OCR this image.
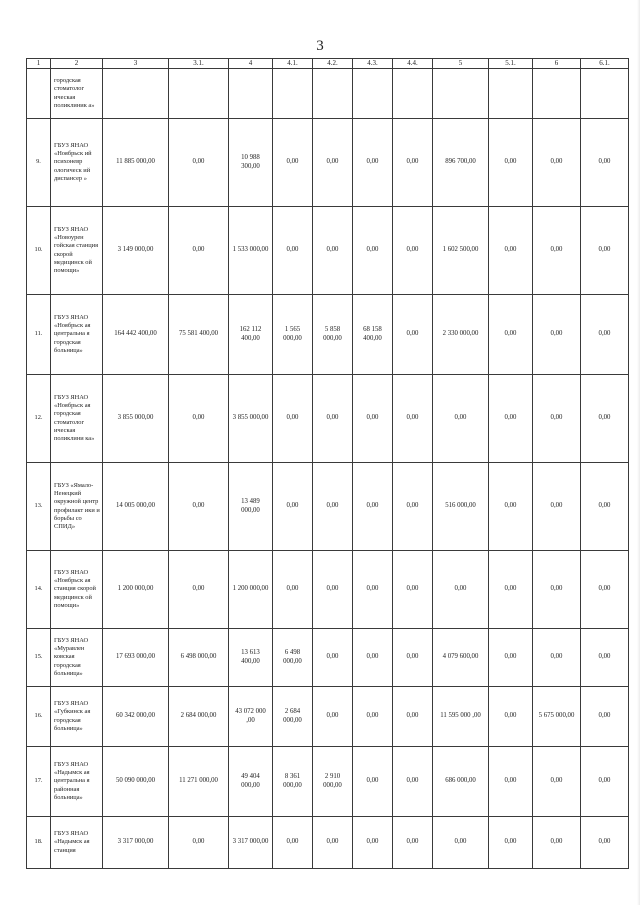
3
1	2	3	3.1.	4	4.1.	4.2.	4.3.	4.4.	5	5.1.	6	6.1.
	городская стоматолог ическая поликлиник а»											
9.	ГБУЗ ЯНАО «Ноябрьск ий психоневр ологическ ий диспансер »	11 885 000,00	0,00	10 988 300,00	0,00	0,00	0,00	0,00	896 700,00	0,00	0,00	0,00
10.	ГБУЗ ЯНАО «Новоурен гойская станция скорой медицинск ой помощи»	3 149 000,00	0,00	1 533 000,00	0,00	0,00	0,00	0,00	1 602 500,00	0,00	0,00	0,00
11.	ГБУЗ ЯНАО «Ноябрьск ая центральна я городская больница»	164 442 400,00	75 581 400,00	162 112 400,00	1 565 000,00	5 858 000,00	68 158 400,00	0,00	2 330 000,00	0,00	0,00	0,00
12.	ГБУЗ ЯНАО «Ноябрьск ая городская стоматолог ическая поликлини ка»	3 855 000,00	0,00	3 855 000,00	0,00	0,00	0,00	0,00	0,00	0,00	0,00	0,00
13.	ГБУЗ «Ямало-Ненецкий окружной центр профилакт ики и борьбы со СПИД»	14 005 000,00	0,00	13 489 000,00	0,00	0,00	0,00	0,00	516 000,00	0,00	0,00	0,00
14.	ГБУЗ ЯНАО «Ноябрьск ая станция скорой медицинск ой помощи»	1 200 000,00	0,00	1 200 000,00	0,00	0,00	0,00	0,00	0,00	0,00	0,00	0,00
15.	ГБУЗ ЯНАО «Муравлен ковская городская больница»	17 693 000,00	6 498 000,00	13 613 400,00	6 498 000,00	0,00	0,00	0,00	4 079 600,00	0,00	0,00	0,00
16.	ГБУЗ ЯНАО «Губкинск ая городская больница»	60 342 000,00	2 684 000,00	43 072 000 ,00	2 684 000,00	0,00	0,00	0,00	11 595 000 ,00	0,00	5 675 000,00	0,00
17.	ГБУЗ ЯНАО «Надымск ая центральна я районная больница»	50 090 000,00	11 271 000,00	49 404 000,00	8 361 000,00	2 910 000,00	0,00	0,00	686 000,00	0,00	0,00	0,00
18.	ГБУЗ ЯНАО «Надымск ая станция	3 317 000,00	0,00	3 317 000,00	0,00	0,00	0,00	0,00	0,00	0,00	0,00	0,00
